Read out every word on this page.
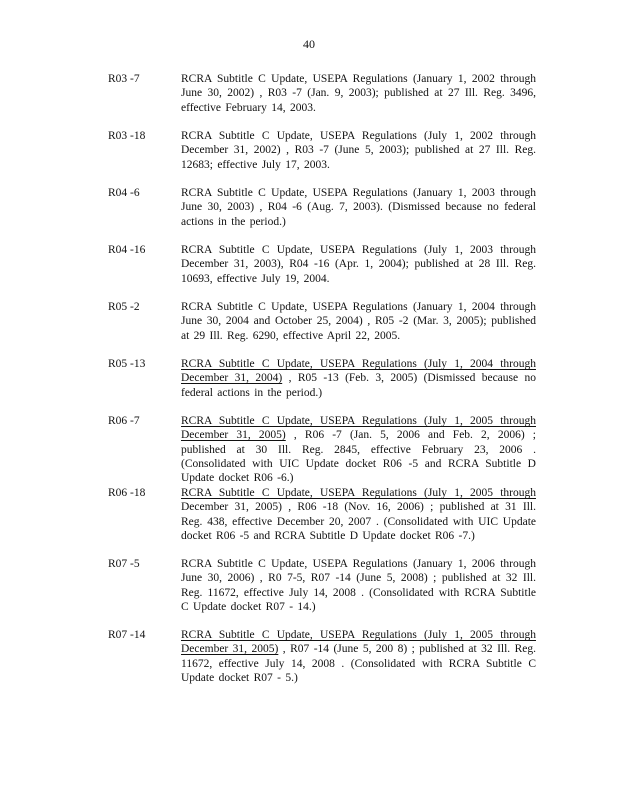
40
R03 -7	RCRA Subtitle C Update, USEPA Regulations (January 1, 2002 through June 30, 2002) , R03 -7 (Jan. 9, 2003); published at 27 Ill. Reg. 3496, effective February 14, 2003.
R03 -18	RCRA Subtitle C Update, USEPA Regulations (July 1, 2002 through December 31, 2002) , R03 -7 (June 5, 2003); published at 27 Ill. Reg. 12683; effective July 17, 2003.
R04 -6	RCRA Subtitle C Update, USEPA Regulations (January 1, 2003 through June 30, 2003) , R04 -6 (Aug. 7, 2003). (Dismissed because no federal actions in the period.)
R04 -16	RCRA Subtitle C Update, USEPA Regulations (July 1, 2003 through December 31, 2003), R04 -16 (Apr. 1, 2004); published at 28 Ill. Reg. 10693, effective July 19, 2004.
R05 -2	RCRA Subtitle C Update, USEPA Regulations (January 1, 2004 through June 30, 2004 and October 25, 2004) , R05 -2 (Mar. 3, 2005); published at 29 Ill. Reg. 6290, effective April 22, 2005.
R05 -13	RCRA Subtitle C Update, USEPA Regulations (July 1, 2004 through December 31, 2004) , R05 -13 (Feb. 3, 2005) (Dismissed because no federal actions in the period.)
R06 -7	RCRA Subtitle C Update, USEPA Regulations (July 1, 2005 through December 31, 2005) , R06 -7 (Jan. 5, 2006 and Feb. 2, 2006) ; published at 30 Ill. Reg. 2845, effective February 23, 2006 . (Consolidated with UIC Update docket R06 -5 and RCRA Subtitle D Update docket R06 -6.)
R06 -18	RCRA Subtitle C Update, USEPA Regulations (July 1, 2005 through December 31, 2005) , R06 -18 (Nov. 16, 2006) ; published at 31 Ill. Reg. 438, effective December 20, 2007 . (Consolidated with UIC Update docket R06 -5 and RCRA Subtitle D Update docket R06 -7.)
R07 -5	RCRA Subtitle C Update, USEPA Regulations (January 1, 2006 through June 30, 2006) , R0 7-5, R07 -14 (June 5, 2008) ; published at 32 Ill. Reg. 11672, effective July 14, 2008 . (Consolidated with RCRA Subtitle C Update docket R07 - 14.)
R07 -14	RCRA Subtitle C Update, USEPA Regulations (July 1, 2005 through December 31, 2005) , R07 -14 (June 5, 200 8) ; published at 32 Ill. Reg. 11672, effective July 14, 2008 . (Consolidated with RCRA Subtitle C Update docket R07 - 5.)
